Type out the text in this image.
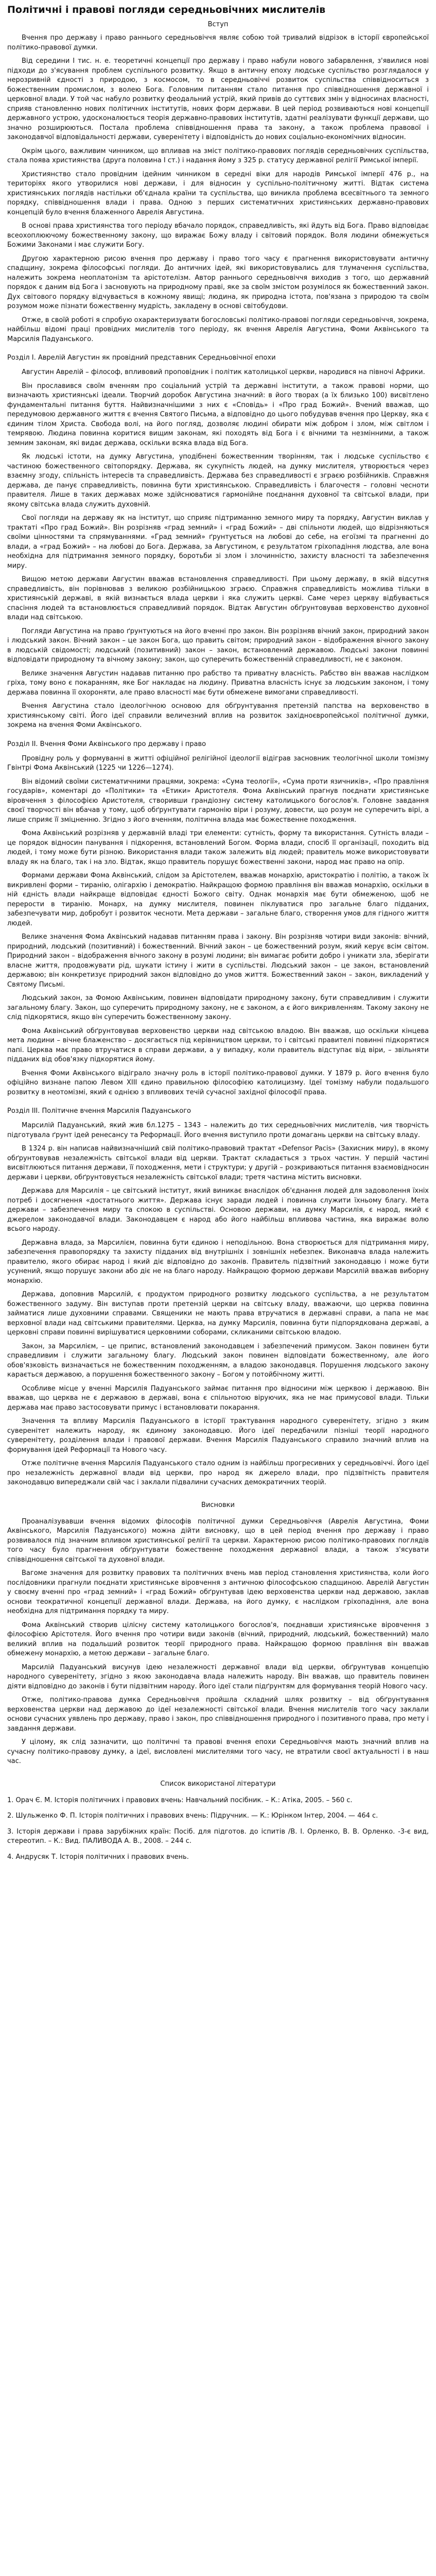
Політичні і правові погляди середньовічних мислителів
Вступ

Вчення про державу і право раннього середньовіччя являє собою той тривалий відрізок в історії європейської політико-правової думки.

Від середини I тис. н. е. теоретичні концепції про державу і право набули нового забарвлення, з'явилися нові підходи до з'ясування проблем суспільного розвитку. Якщо в античну епоху людське суспільство розглядалося у нерозривній єдності з природою, з космосом, то в середньовіччі розвиток суспільства співвідноситься з божественним промислом, з волею Бога. Головним питанням стало питання про співвідношення державної і церковної влади. У той час набуло розвитку феодальний устрій, який привів до суттєвих змін у відносинах власності, сприяв становленню нових політичних інститутів, нових форм держави. В цей період розвиваються нові концепції державного устрою, удосконалюється теорія державно-правових інститутів, здатні реалізувати функції держави, що значно розширюються. Постала проблема співвідношення права та закону, а також проблема правової і законодавчої відповідальності держави, суверенітету і відповідність до нових соціально-економічних відносин.

Окрім цього, важливим чинником, що впливав на зміст політико-правових поглядів середньовічних суспільства, стала поява християнства (друга половина I ст.) і надання йому з 325 р. статусу державної релігії Римської імперії.

Християнство стало провідним ідейним чинником в середні віки для народів Римської імперії 476 р., на територіях якого утворилися нові держави, і для відносин у суспільно-політичному житті. Відтак система християнських поглядів настільки об'єднала країни та суспільства, що виникла проблема всесвітнього та земного порядку, співвідношення влади і права. Одною з перших систематичних християнських державно-правових концепцій було вчення блаженного Аврелія Августина.

В основі права християнства того періоду вбачало порядок, справедливість, які йдуть від Бога. Право відповідає всеохоплюючому божественному закону, що виражає Божу владу і світовий порядок. Воля людини обмежується Божими Законами і має служити Богу.

Другою характерною рисою вчення про державу і право того часу є прагнення використовувати античну спадщину, зокрема філософські погляди. До античних ідей, які використовувались для тлумачення суспільства, належить зокрема неоплатонізм та арістотелізм. Автор раннього середньовіччя виходив з того, що державний порядок є даним від Бога і засновують на природному праві, яке за своїм змістом розумілося як божественний закон. Дух світового порядку відчувається в кожному явищі; людина, як природна істота, пов'язана з природою та своїм розумом може пізнати божественну мудрість, закладену в основі світобудови.

Отже, в своїй роботі я спробую охарактеризувати богословські політико-правові погляди середньовіччя, зокрема, найбільш відомі праці провідних мислителів того періоду, як вчення Аврелія Августина, Фоми Аквінського та Марсилія Падуанського.

Розділ I. Аврелій Августин як провідний представник Середньовічної епохи

Августин Аврелій – філософ, впливовий проповідник і політик католицької церкви, народився на півночі Африки.

Він прославився своїм вченням про соціальний устрій та державні інститути, а також правові норми, що визначають християнські ідеали. Творчий доробок Августина значний: в його творах (а їх близько 100) висвітлено фундаментальні питання буття. Найвизначнішими з них є «Сповідь» і «Про град Божий». Вчений вважав, що передумовою державного життя є вчення Святого Письма, а відповідно до цього побудував вчення про Церкву, яка є єдиним тілом Христа. Свобода волі, на його погляд, дозволяє людині обирати між добром і злом, між світлом і темрявою. Людина повинна коритися вищим законам, які походять від Бога і є вічними та незмінними, а також земним законам, які видає держава, оскільки всяка влада від Бога.

Як людські істоти, на думку Августина, уподібнені божественним творінням, так і людське суспільство є частиною божественного світопорядку. Держава, як сукупність людей, на думку мислителя, утворюється через взаємну згоду, спільність інтересів та справедливість. Держава без справедливості є зграєю розбійників. Справжня держава, де панує справедливість, повинна бути християнською. Справедливість і благочестя – головні чесноти правителя. Лише в таких державах може здійснюватися гармонійне поєднання духовної та світської влади, при якому світська влада служить духовній.

Свої погляди на державу як на інститут, що сприяє підтриманню земного миру та порядку, Августин виклав у трактаті «Про град Божий». Він розрізняв «град земний» і «град Божий» – дві спільноти людей, що відрізняються своїми цінностями та спрямуваннями. «Град земний» ґрунтується на любові до себе, на егоїзмі та прагненні до влади, а «град Божий» – на любові до Бога. Держава, за Августином, є результатом гріхопадіння людства, але вона необхідна для підтримання земного порядку, боротьби зі злом і злочинністю, захисту власності та забезпечення миру.

Вищою метою держави Августин вважав встановлення справедливості. При цьому державу, в якій відсутня справедливість, він порівнював з великою розбійницькою зграєю. Справжня справедливість можлива тільки в християнській державі, в якій визнається влада церкви і яка служить церкві. Саме через церкву відбувається спасіння людей та встановлюється справедливий порядок. Відтак Августин обґрунтовував верховенство духовної влади над світською.

Погляди Августина на право ґрунтуються на його вченні про закон. Він розрізняв вічний закон, природний закон і людський закон. Вічний закон – це закон Бога, що править світом; природний закон – відображення вічного закону в людській свідомості; людський (позитивний) закон – закон, встановлений державою. Людські закони повинні відповідати природному та вічному закону; закон, що суперечить божественній справедливості, не є законом.

Велике значення Августин надавав питанню про рабство та приватну власність. Рабство він вважав наслідком гріха, тому воно є покаранням, яке Бог накладає на людину. Приватна власність існує за людським законом, і тому держава повинна її охороняти, але право власності має бути обмежене вимогами справедливості.

Вчення Августина стало ідеологічною основою для обґрунтування претензій папства на верховенство в християнському світі. Його ідеї справили величезний вплив на розвиток західноєвропейської політичної думки, зокрема на вчення Фоми Аквінського.

Розділ II. Вчення Фоми Аквінського про державу і право

Провідну роль у формуванні в житті офіційної релігійної ідеології відіграв засновник теологічної школи томізму Гвінтрі Фома Аквінський (1225 чи 1226—1274).

Він відомий своїми систематичними працями, зокрема: «Сума теології», «Сума проти язичників», «Про правління государів», коментарі до «Політики» та «Етики» Аристотеля. Фома Аквінський прагнув поєднати християнське віровчення з філософією Аристотеля, створивши грандіозну систему католицького богослов'я. Головне завдання своєї творчості він вбачав у тому, щоб обґрунтувати гармонію віри і розуму, довести, що розум не суперечить вірі, а лише сприяє її зміцненню. Згідно з його вченням, політична влада має божественне походження.

Фома Аквінський розрізняв у державній владі три елементи: сутність, форму та використання. Сутність влади – це порядок відносин панування і підкорення, встановлений Богом. Форма влади, спосіб її організації, походить від людей, і тому може бути різною. Використання влади також залежить від людей; правитель може використовувати владу як на благо, так і на зло. Відтак, якщо правитель порушує божественні закони, народ має право на опір.

Формами держави Фома Аквінський, слідом за Арістотелем, вважав монархію, аристократію і політію, а також їх викривлені форми – тиранію, олігархію і демократію. Найкращою формою правління він вважав монархію, оскільки в ній єдність влади найкраще відповідає єдності Божого світу. Однак монархія має бути обмеженою, щоб не перерости в тиранію. Монарх, на думку мислителя, повинен піклуватися про загальне благо підданих, забезпечувати мир, добробут і розвиток чесноти. Мета держави – загальне благо, створення умов для гідного життя людей.

Велике значення Фома Аквінський надавав питанням права і закону. Він розрізняв чотири види законів: вічний, природний, людський (позитивний) і божественний. Вічний закон – це божественний розум, який керує всім світом. Природний закон – відображення вічного закону в розумі людини; він вимагає робити добро і уникати зла, зберігати власне життя, продовжувати рід, шукати істину і жити в суспільстві. Людський закон – це закон, встановлений державою; він конкретизує природний закон відповідно до умов життя. Божественний закон – закон, викладений у Святому Письмі.

Людський закон, за Фомою Аквінським, повинен відповідати природному закону, бути справедливим і служити загальному благу. Закон, що суперечить природному закону, не є законом, а є його викривленням. Такому закону не слід підкорятися, якщо він суперечить божественному закону.

Фома Аквінський обґрунтовував верховенство церкви над світською владою. Він вважав, що оскільки кінцева мета людини – вічне блаженство – досягається під керівництвом церкви, то і світські правителі повинні підкорятися папі. Церква має право втручатися в справи держави, а у випадку, коли правитель відступає від віри, – звільняти підданих від обов'язку підкорятися йому.

Вчення Фоми Аквінського відіграло значну роль в історії політико-правової думки. У 1879 р. його вчення було офіційно визнане папою Левом XIII єдино правильною філософією католицизму. Ідеї томізму набули подальшого розвитку в неотомізмі, який є однією з впливових течій сучасної західної філософії права.

Розділ III. Політичне вчення Марсилія Падуанського

Марсилій Падуанський, який жив бл.1275 – 1343 – належить до тих середньовічних мислителів, чия творчість підготувала ґрунт ідей ренесансу та Реформації. Його вчення виступило проти домагань церкви на світську владу.

В 1324 р. він написав найвизначніший свій політико-правовий трактат «Defensor Pacis» (Захисник миру), в якому обґрунтовував незалежність світської влади від церкви. Трактат складається з трьох частин. У першій частині висвітлюються питання держави, її походження, мети і структури; у другій – розкриваються питання взаємовідносин держави і церкви, обґрунтовується незалежність світської влади; третя частина містить висновки.

Держава для Марсилія – це світський інститут, який виникає внаслідок об'єднання людей для задоволення їхніх потреб і досягнення «достатнього життя». Держава існує заради людей і повинна служити їхньому благу. Мета держави – забезпечення миру та спокою в суспільстві. Основою держави, на думку Марсилія, є народ, який є джерелом законодавчої влади. Законодавцем є народ або його найбільш впливова частина, яка виражає волю всього народу.

Державна влада, за Марсилієм, повинна бути єдиною і неподільною. Вона створюється для підтримання миру, забезпечення правопорядку та захисту підданих від внутрішніх і зовнішніх небезпек. Виконавча влада належить правителю, якого обирає народ і який діє відповідно до законів. Правитель підзвітний законодавцю і може бути усунений, якщо порушує закони або діє не на благо народу. Найкращою формою держави Марсилій вважав виборну монархію.

Держава, доповнив Марсилій, є продуктом природного розвитку людського суспільства, а не результатом божественного задуму. Він виступав проти претензій церкви на світську владу, вважаючи, що церква повинна займатися лише духовними справами. Священики не мають права втручатися в державні справи, а папа не має верховної влади над світськими правителями. Церква, на думку Марсилія, повинна бути підпорядкована державі, а церковні справи повинні вирішуватися церковними соборами, скликаними світською владою.

Закон, за Марсилієм, – це припис, встановлений законодавцем і забезпечений примусом. Закон повинен бути справедливим і служити загальному благу. Людський закон повинен відповідати божественному, але його обов'язковість визначається не божественним походженням, а владою законодавця. Порушення людського закону карається державою, а порушення божественного закону – Богом у потойбічному житті.

Особливе місце у вченні Марсилія Падуанського займає питання про відносини між церквою і державою. Він вважав, що церква не є державою в державі, вона є спільнотою віруючих, яка не має примусової влади. Тільки держава має право застосовувати примус і встановлювати покарання.

Значення та впливу Марсилія Падуанського в історії трактування народного суверенітету, згідно з яким суверенітет належить народу, як єдиному законодавцю. Його ідеї передбачили пізніші теорії народного суверенітету, розділення влади і правової держави. Вчення Марсилія Падуанського справило значний вплив на формування ідей Реформації та Нового часу.

Отже політичне вчення Марсилія Падуанського стало одним із найбільш прогресивних у середньовіччі. Його ідеї про незалежність державної влади від церкви, про народ як джерело влади, про підзвітність правителя законодавцю випереджали свій час і заклали підвалини сучасних демократичних теорій.

Висновки

Проаналізувавши вчення відомих філософів політичної думки Середньовіччя (Аврелія Августина, Фоми Аквінського, Марсилія Падуанського) можна дійти висновку, що в цей період вчення про державу і право розвивалося під значним впливом християнської релігії та церкви. Характерною рисою політико-правових поглядів того часу було прагнення обґрунтувати божественне походження державної влади, а також з'ясувати співвідношення світської та духовної влади.

Вагоме значення для розвитку правових та політичних вчень мав період становлення християнства, коли його послідовники прагнули поєднати християнське віровчення з античною філософською спадщиною. Аврелій Августин у своєму вченні про «град земний» і «град Божий» обґрунтував ідею верховенства церкви над державою, заклав основи теократичної концепції державної влади. Держава, на його думку, є наслідком гріхопадіння, але вона необхідна для підтримання порядку та миру.

Фома Аквінський створив цілісну систему католицького богослов'я, поєднавши християнське віровчення з філософією Арістотеля. Його вчення про чотири види законів (вічний, природний, людський, божественний) мало великий вплив на подальший розвиток теорії природного права. Найкращою формою правління він вважав обмежену монархію, а метою держави – загальне благо.

Марсилій Падуанський висунув ідею незалежності державної влади від церкви, обґрунтував концепцію народного суверенітету, згідно з якою законодавча влада належить народу. Він вважав, що правитель повинен діяти відповідно до законів і бути підзвітним народу. Його ідеї стали підґрунтям для формування теорій Нового часу.

Отже, політико-правова думка Середньовіччя пройшла складний шлях розвитку – від обґрунтування верховенства церкви над державою до ідеї незалежності світської влади. Вчення мислителів того часу заклали основи сучасних уявлень про державу, право і закон, про співвідношення природного і позитивного права, про мету і завдання держави.

У цілому, як слід зазначити, що політичні та правові вчення епохи Середньовіччя мають значний вплив на сучасну політико-правову думку, а ідеї, висловлені мислителями того часу, не втратили своєї актуальності і в наш час.

Список використаної літератури
1. Орач Є. М. Історія політичних і правових вчень: Навчальний посібник. – К.: Атіка, 2005. – 560 с.
2. Шульженко Ф. П. Історія політичних і правових вчень: Підручник. — К.: Юрінком Інтер, 2004. — 464 с.
3. Історія держави і права зарубіжних країн: Посіб. для підготов. до іспитів /В. І. Орленко, В. В. Орленко. -3-є вид, стереотип. – К.: Вид. ПАЛИВОДА А. В., 2008. – 244 с.
4. Андрусяк Т. Історія політичних і правових вчень.
